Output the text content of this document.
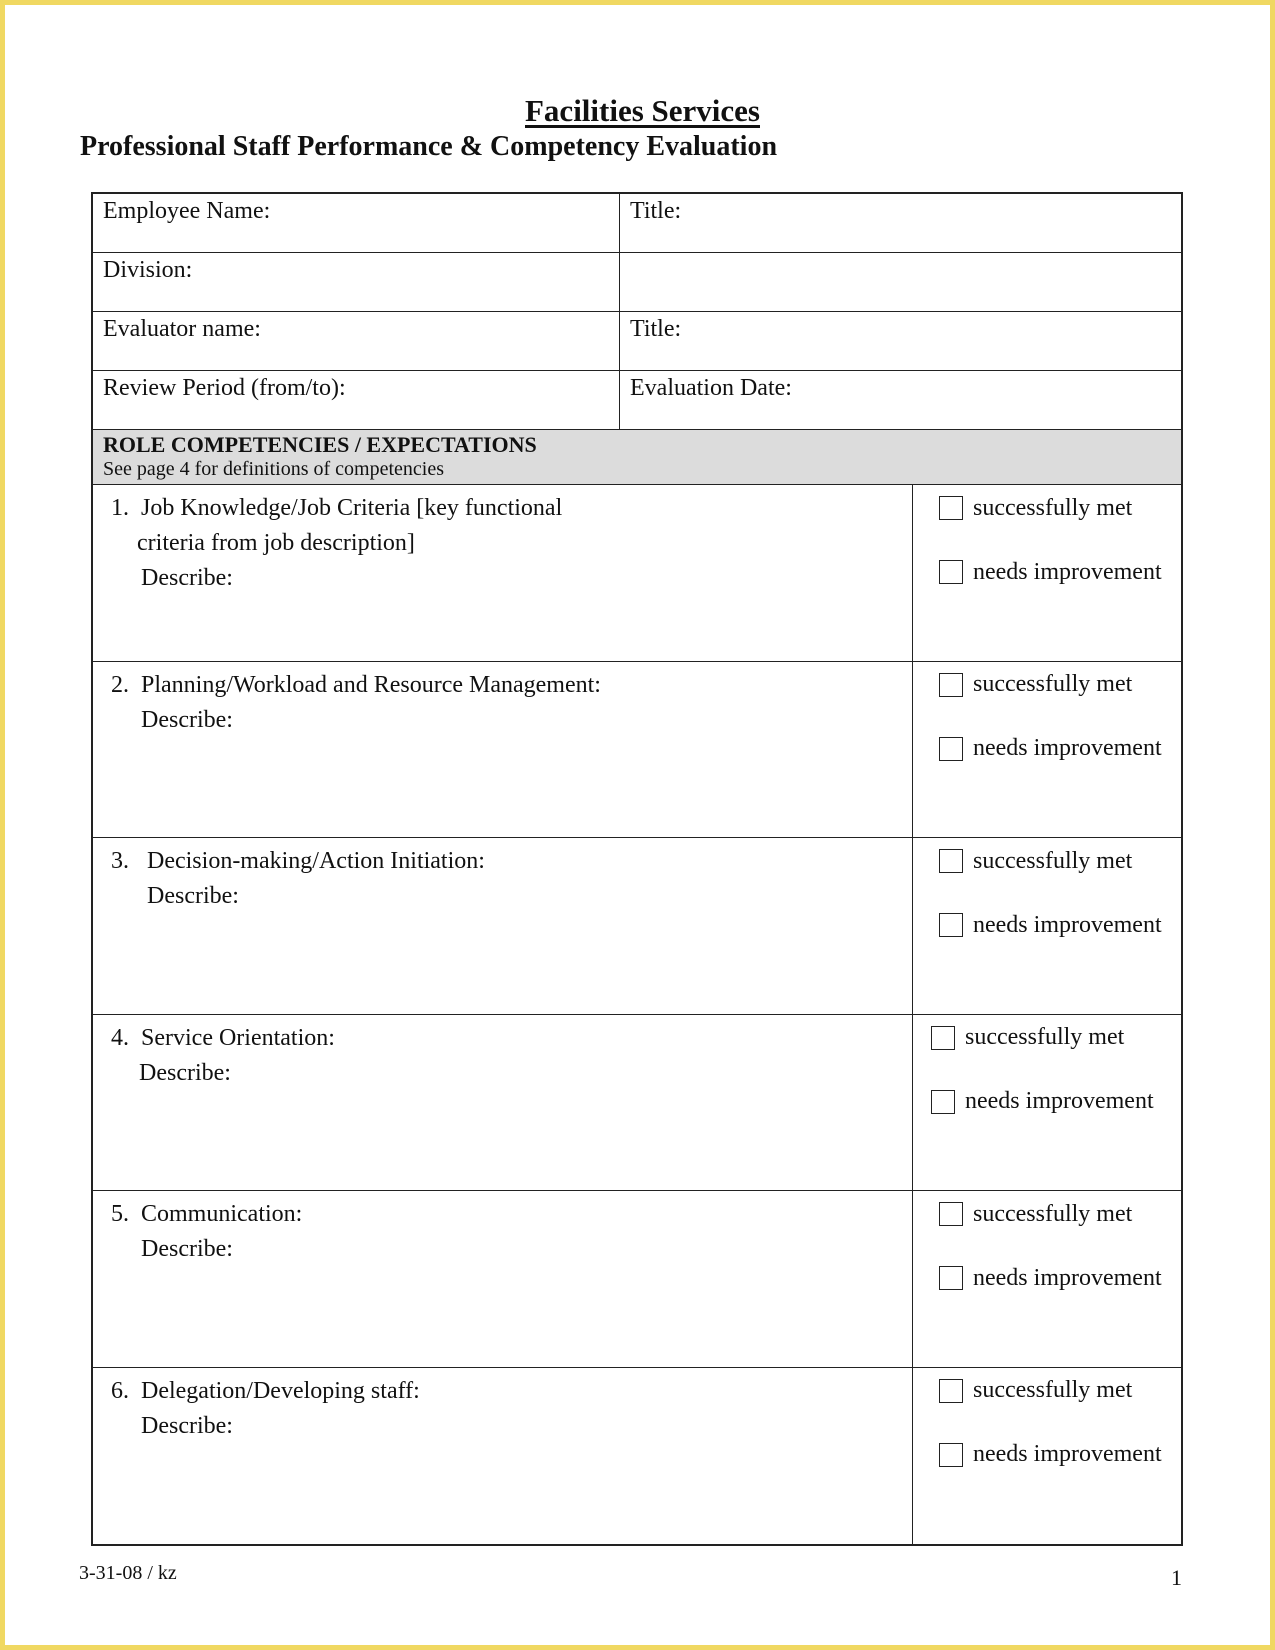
Facilities Services
Professional Staff Performance & Competency Evaluation
Employee Name:	Title:
Division:
Evaluator name:	Title:
Review Period (from/to):	Evaluation Date:
ROLE COMPETENCIES / EXPECTATIONS
See page 4 for definitions of competencies
1. Job Knowledge/Job Criteria [key functional
criteria from job description]
Describe:
successfully met
needs improvement
2. Planning/Workload and Resource Management:
Describe:
successfully met
needs improvement
3. Decision-making/Action Initiation:
Describe:
successfully met
needs improvement
4. Service Orientation:
Describe:
successfully met
needs improvement
5. Communication:
Describe:
successfully met
needs improvement
6. Delegation/Developing staff:
Describe:
successfully met
needs improvement
3-31-08 / kz	1
